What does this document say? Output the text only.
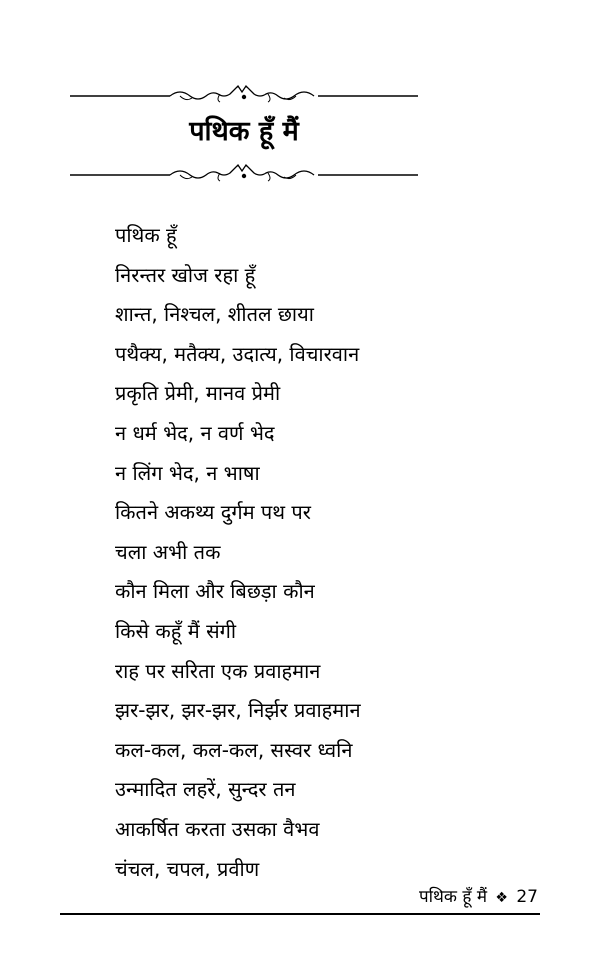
पथिक हूँ मैं
पथिक हूँ
निरन्तर खोज रहा हूँ
शान्त, निश्चल, शीतल छाया
पथैक्य, मतैक्य, उदात्य, विचारवान
प्रकृति प्रेमी, मानव प्रेमी
न धर्म भेद, न वर्ण भेद
न लिंग भेद, न भाषा
कितने अकथ्य दुर्गम पथ पर
चला अभी तक
कौन मिला और बिछड़ा कौन
किसे कहूँ मैं संगी
राह पर सरिता एक प्रवाहमान
झर-झर, झर-झर, निर्झर प्रवाहमान
कल-कल, कल-कल, सस्वर ध्वनि
उन्मादित लहरें, सुन्दर तन
आकर्षित करता उसका वैभव
चंचल, चपल, प्रवीण
पथिक हूँ मैं ❖ 27
